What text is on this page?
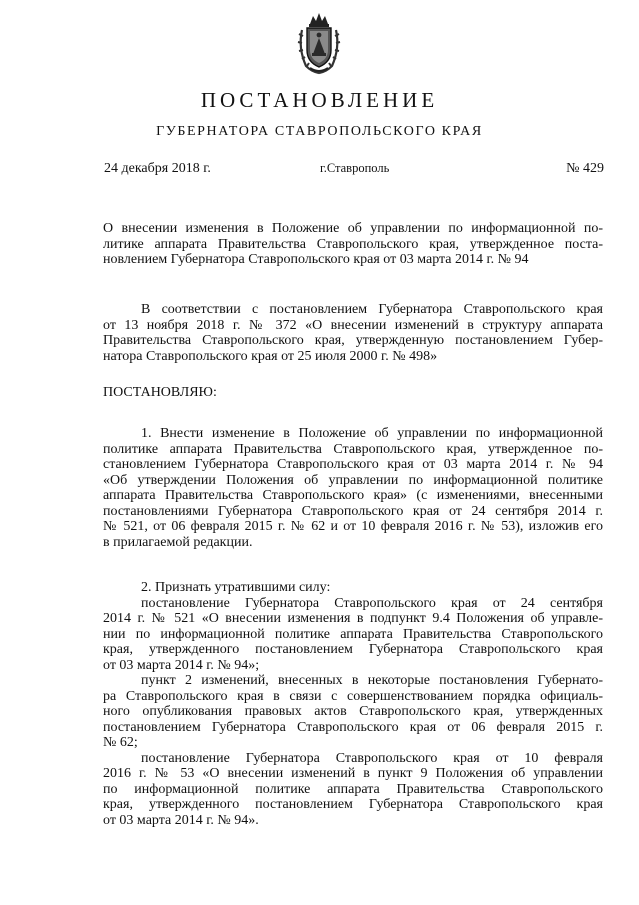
ПОСТАНОВЛЕНИЕ
ГУБЕРНАТОРА СТАВРОПОЛЬСКОГО КРАЯ
24 декабря 2018 г.	г.Ставрополь	№ 429
О внесении изменения в Положение об управлении по информационной по-
литике аппарата Правительства Ставропольского края, утвержденное поста-
новлением Губернатора Ставропольского края от 03 марта 2014 г. № 94
В соответствии с постановлением Губернатора Ставропольского края
от 13 ноября 2018 г. № 372 «О внесении изменений в структуру аппарата
Правительства Ставропольского края, утвержденную постановлением Губер-
натора Ставропольского края от 25 июля 2000 г. № 498»
ПОСТАНОВЛЯЮ:
1. Внести изменение в Положение об управлении по информационной
политике аппарата Правительства Ставропольского края, утвержденное по-
становлением Губернатора Ставропольского края от 03 марта 2014 г. № 94
«Об утверждении Положения об управлении по информационной политике
аппарата Правительства Ставропольского края» (с изменениями, внесенными
постановлениями Губернатора Ставропольского края от 24 сентября 2014 г.
№ 521, от 06 февраля 2015 г. № 62 и от 10 февраля 2016 г. № 53), изложив его
в прилагаемой редакции.
2. Признать утратившими силу:
постановление Губернатора Ставропольского края от 24 сентября
2014 г. № 521 «О внесении изменения в подпункт 9.4 Положения об управле-
нии по информационной политике аппарата Правительства Ставропольского
края, утвержденного постановлением Губернатора Ставропольского края
от 03 марта 2014 г. № 94»;
пункт 2 изменений, внесенных в некоторые постановления Губернато-
ра Ставропольского края в связи с совершенствованием порядка официаль-
ного опубликования правовых актов Ставропольского края, утвержденных
постановлением Губернатора Ставропольского края от 06 февраля 2015 г.
№ 62;
постановление Губернатора Ставропольского края от 10 февраля
2016 г. № 53 «О внесении изменений в пункт 9 Положения об управлении
по информационной политике аппарата Правительства Ставропольского
края, утвержденного постановлением Губернатора Ставропольского края
от 03 марта 2014 г. № 94».
